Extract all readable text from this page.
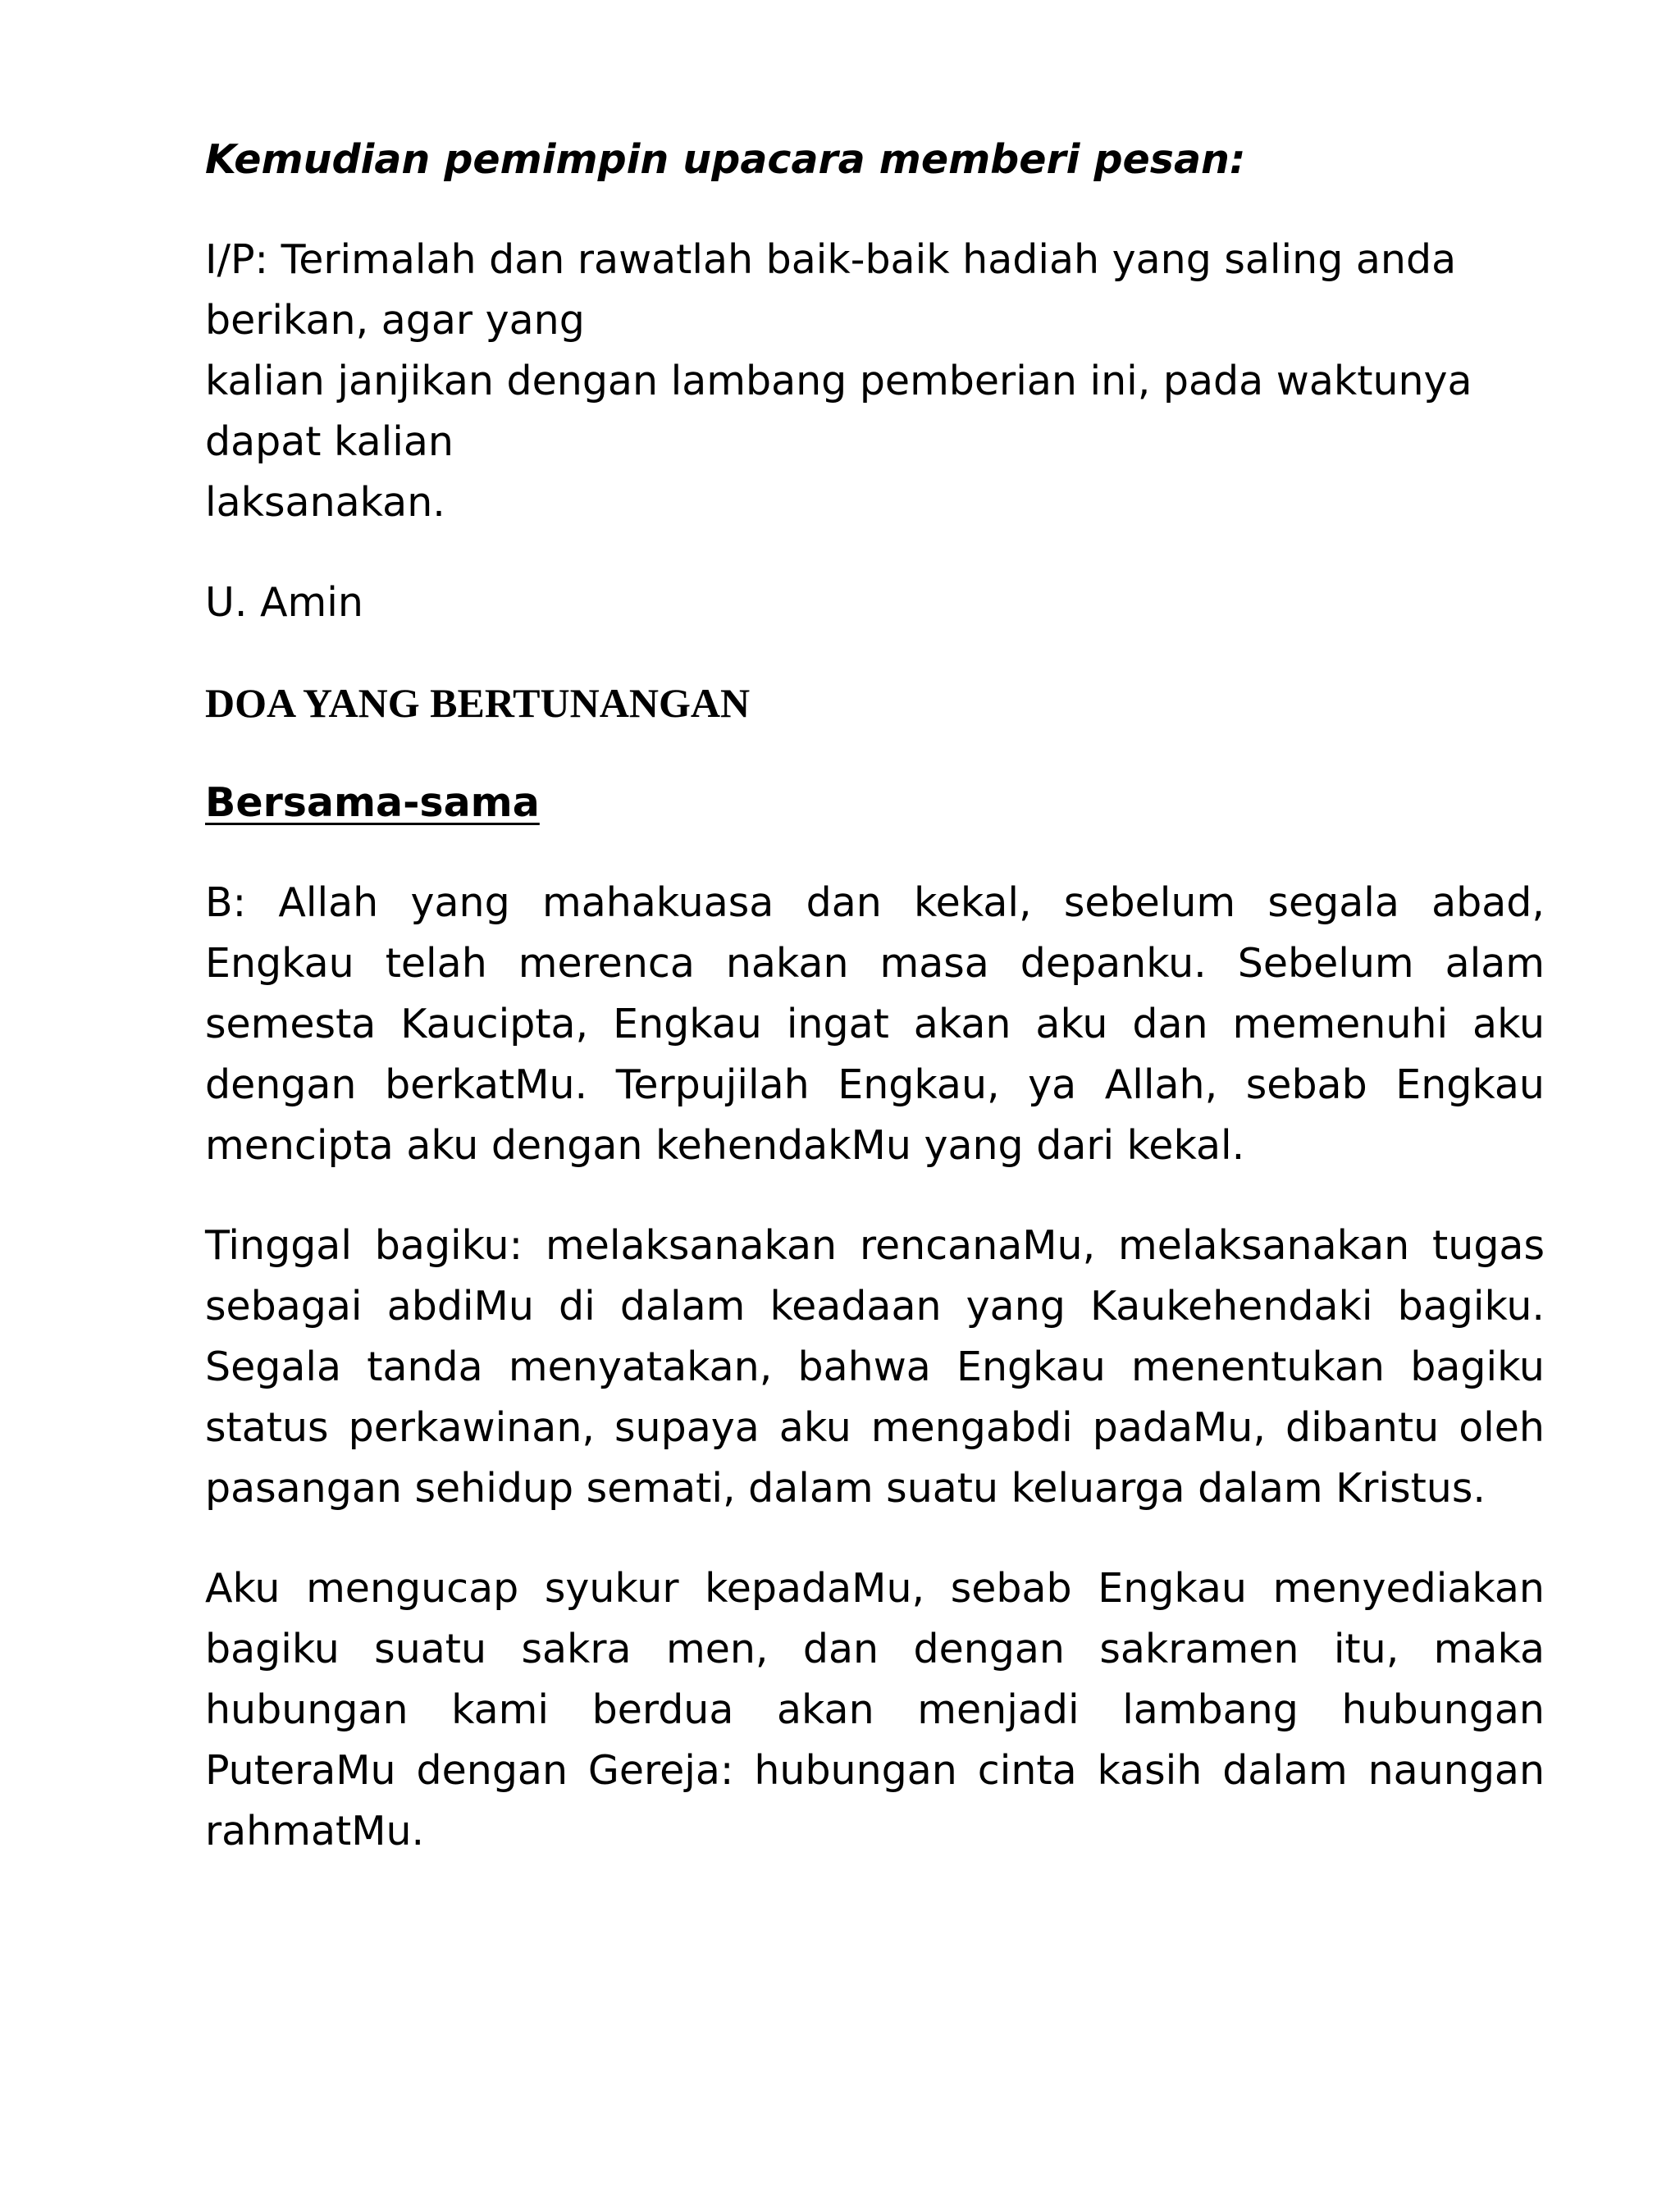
Kemudian pemimpin upacara memberi pesan:

I/P: Terimalah dan rawatlah baik-baik hadiah yang saling anda berikan, agar yang
kalian janjikan dengan lambang pemberian ini, pada waktunya dapat kalian
laksanakan.

U. Amin

DOA YANG BERTUNANGAN

Bersama-sama

B: Allah yang mahakuasa dan kekal, sebelum segala abad, Engkau telah merenca nakan masa depanku. Sebelum alam semesta Kaucipta, Engkau ingat akan aku dan memenuhi aku dengan berkatMu. Terpujilah Engkau, ya Allah, sebab Engkau mencipta aku dengan kehendakMu yang dari kekal.

Tinggal bagiku: melaksanakan rencanaMu, melaksanakan tugas sebagai abdiMu di dalam keadaan yang Kaukehendaki bagiku. Segala tanda menyatakan, bahwa Engkau menentukan bagiku status perkawinan, supaya aku mengabdi padaMu, dibantu oleh pasangan sehidup semati, dalam suatu keluarga dalam Kristus.

Aku mengucap syukur kepadaMu, sebab Engkau menyediakan bagiku suatu sakra men, dan dengan sakramen itu, maka hubungan kami berdua akan menjadi lambang hubungan PuteraMu dengan Gereja: hubungan cinta kasih dalam naungan rahmatMu.
